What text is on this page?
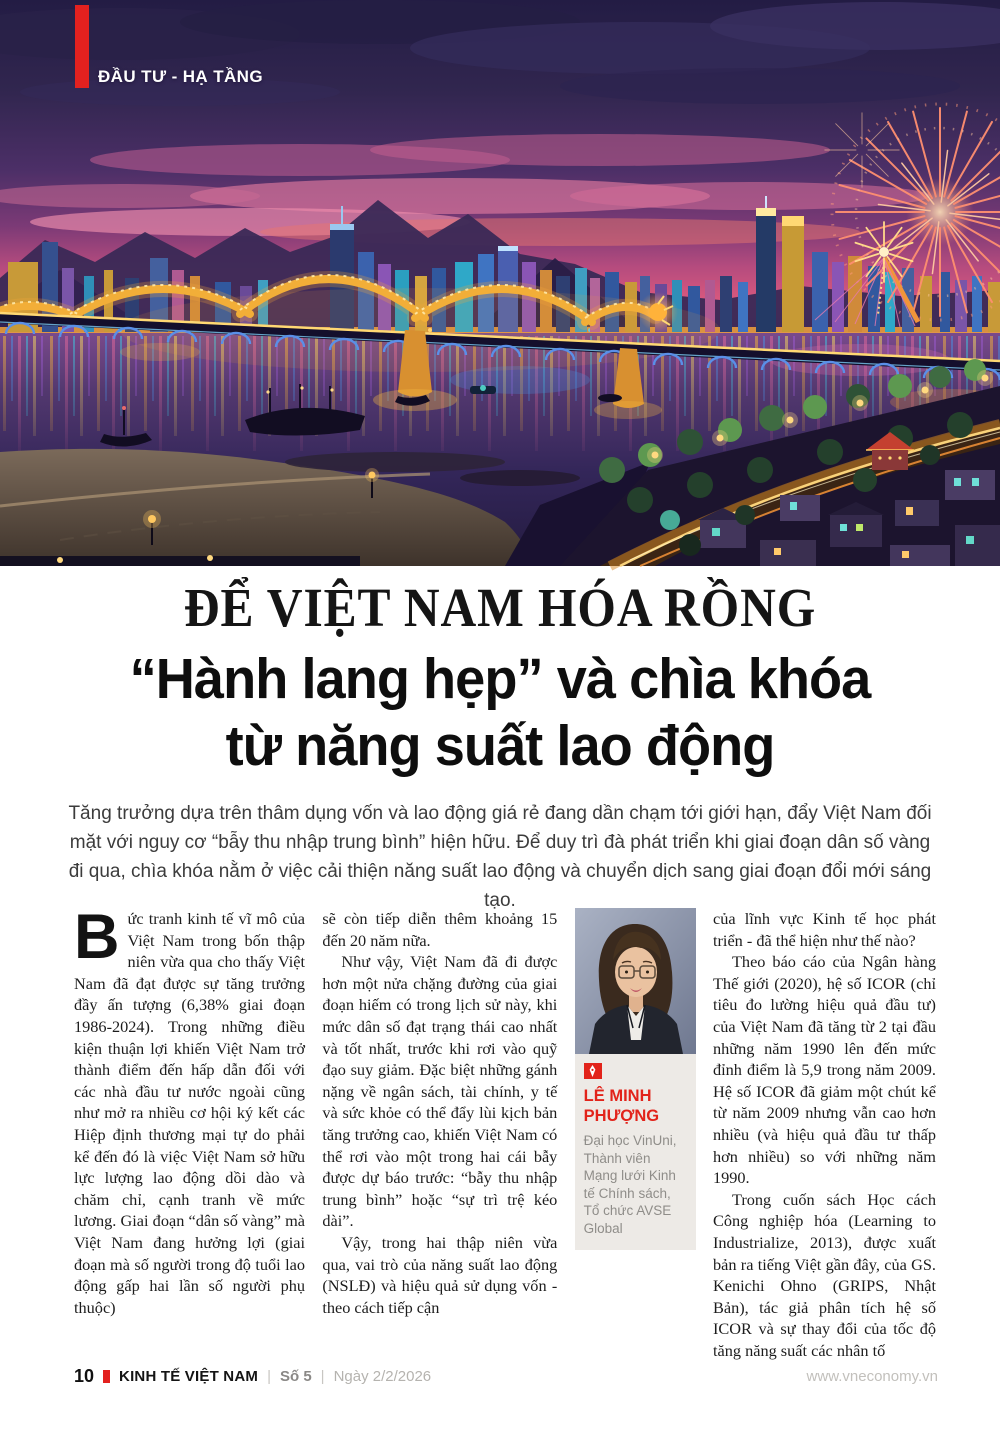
ĐẦU TƯ - HẠ TẦNG
ĐỂ VIỆT NAM HÓA RỒNG
“Hành lang hẹp” và chìa khóa
từ năng suất lao động

Tăng trưởng dựa trên thâm dụng vốn và lao động giá rẻ đang dần chạm tới giới hạn, đẩy Việt Nam đối mặt với nguy cơ “bẫy thu nhập trung bình” hiện hữu. Để duy trì đà phát triển khi giai đoạn dân số vàng đi qua, chìa khóa nằm ở việc cải thiện năng suất lao động và chuyển dịch sang giai đoạn đổi mới sáng tạo.

Bức tranh kinh tế vĩ mô của Việt Nam trong bốn thập niên vừa qua cho thấy Việt Nam đã đạt được sự tăng trưởng đầy ấn tượng (6,38% giai đoạn 1986-2024). Trong những điều kiện thuận lợi khiến Việt Nam trở thành điểm đến hấp dẫn đối với các nhà đầu tư nước ngoài cũng như mở ra nhiều cơ hội ký kết các Hiệp định thương mại tự do phải kể đến đó là việc Việt Nam sở hữu lực lượng lao động dồi dào và chăm chỉ, cạnh tranh về mức lương. Giai đoạn “dân số vàng” mà Việt Nam đang hưởng lợi (giai đoạn mà số người trong độ tuổi lao động gấp hai lần số người phụ thuộc)

sẽ còn tiếp diễn thêm khoảng 15 đến 20 năm nữa.

Như vậy, Việt Nam đã đi được hơn một nửa chặng đường của giai đoạn hiếm có trong lịch sử này, khi mức dân số đạt trạng thái cao nhất và tốt nhất, trước khi rơi vào quỹ đạo suy giảm. Đặc biệt những gánh nặng về ngân sách, tài chính, y tế và sức khỏe có thể đẩy lùi kịch bản tăng trưởng cao, khiến Việt Nam có thể rơi vào một trong hai cái bẫy được dự báo trước: “bẫy thu nhập trung bình” hoặc “sự trì trệ kéo dài”.

Vậy, trong hai thập niên vừa qua, vai trò của năng suất lao động (NSLĐ) và hiệu quả sử dụng vốn - theo cách tiếp cận

LÊ MINH PHƯỢNG
Đại học VinUni, Thành viên Mạng lưới Kinh tế Chính sách, Tổ chức AVSE Global

của lĩnh vực Kinh tế học phát triển - đã thể hiện như thế nào?

Theo báo cáo của Ngân hàng Thế giới (2020), hệ số ICOR (chỉ tiêu đo lường hiệu quả đầu tư) của Việt Nam đã tăng từ 2 tại đầu những năm 1990 lên đến mức đỉnh điểm là 5,9 trong năm 2009. Hệ số ICOR đã giảm một chút kể từ năm 2009 nhưng vẫn cao hơn nhiều (và hiệu quả đầu tư thấp hơn nhiều) so với những năm 1990.

Trong cuốn sách Học cách Công nghiệp hóa (Learning to Industrialize, 2013), được xuất bản ra tiếng Việt gần đây, của GS. Kenichi Ohno (GRIPS, Nhật Bản), tác giả phân tích hệ số ICOR và sự thay đổi của tốc độ tăng năng suất các nhân tố

10 KINH TẾ VIỆT NAM | Số 5 | Ngày 2/2/2026	www.vneconomy.vn
